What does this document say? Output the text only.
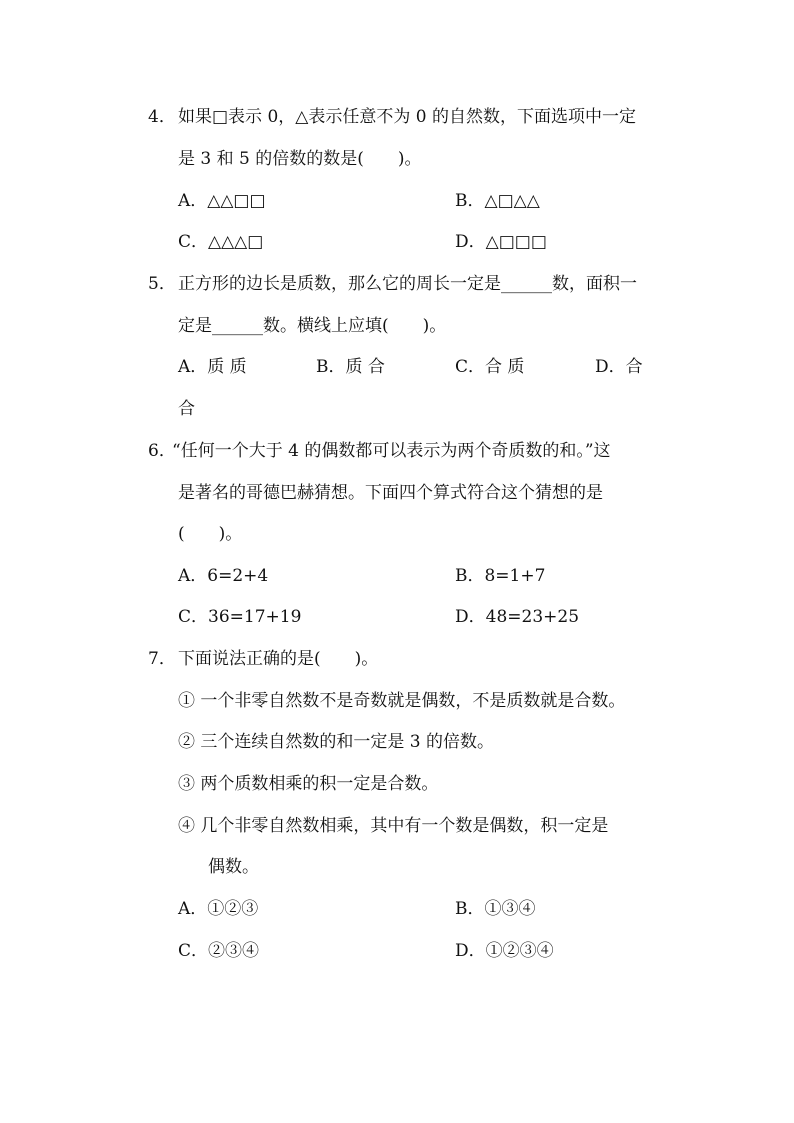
4． 如果□表示 0，△表示任意不为 0 的自然数，下面选项中一定
是 3 和 5 的倍数的数是(　　)。
A．△△□□	B．△□△△
C．△△△□	D．△□□□
5． 正方形的边长是质数，那么它的周长一定是______数，面积一
定是______数。横线上应填(　　)。
A．质 质	B．质 合	C．合 质	D．合
合
6．
“任何一个大于 4 的偶数都可以表示为两个奇质数的和。”这
是著名的哥德巴赫猜想。下面四个算式符合这个猜想的是
(　　)。
A．6=2+4	B．8=1+7
C．36=17+19	D．48=23+25
7． 下面说法正确的是(　　)。
① 一个非零自然数不是奇数就是偶数，不是质数就是合数。
② 三个连续自然数的和一定是 3 的倍数。
③ 两个质数相乘的积一定是合数。
④ 几个非零自然数相乘，其中有一个数是偶数，积一定是
偶数。
A．①②③	B．①③④
C．②③④	D．①②③④
